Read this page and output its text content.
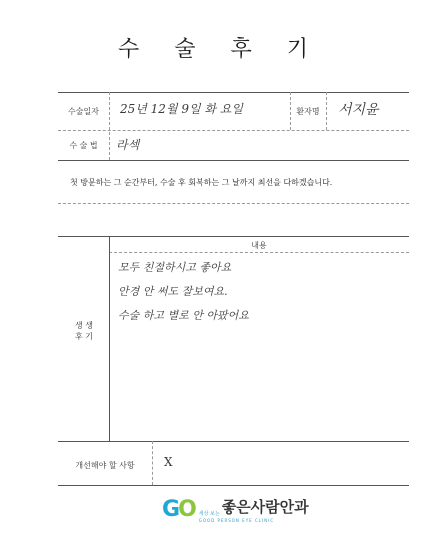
수 술 후 기
수술일자	25년 12월 9일 화 요일	환자명	서지윤
수 술 법	라섹
첫 방문하는 그 순간부터, 수술 후 회복하는 그 날까지 최선을 다하겠습니다.
내용
생 생 후 기
모두 친절하시고 좋아요
안경 안 써도 잘보여요.
수술 하고 별로 안 아팠어요
개선해야 할 사항	X
GO 세상 보는 좋은사람안과
GOOD PERSON EYE CLINIC
